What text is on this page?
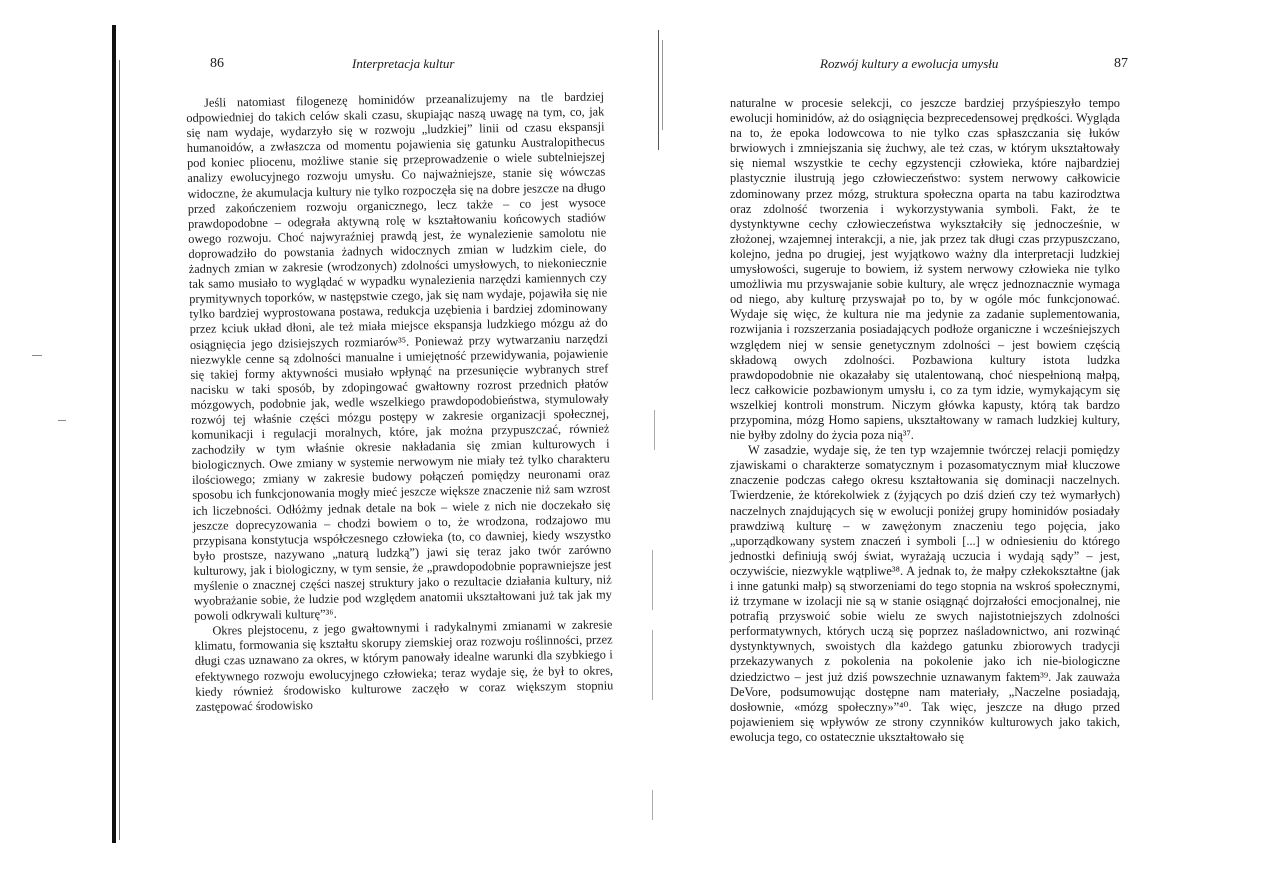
86	Interpretacja kultur

Jeśli natomiast filogenezę hominidów przeanalizujemy na tle bardziej odpowiedniej do takich celów skali czasu, skupiając naszą uwagę na tym, co, jak się nam wydaje, wydarzyło się w rozwoju „ludzkiej” linii od czasu ekspansji humanoidów, a zwłaszcza od momentu pojawienia się gatunku Australopithecus pod koniec pliocenu, możliwe stanie się przeprowadzenie o wiele subtelniejszej analizy ewolucyjnego rozwoju umysłu. Co najważniejsze, stanie się wówczas widoczne, że akumulacja kultury nie tylko rozpoczęła się na dobre jeszcze na długo przed zakończeniem rozwoju organicznego, lecz także – co jest wysoce prawdopodobne – odegrała aktywną rolę w kształtowaniu końcowych stadiów owego rozwoju. Choć najwyraźniej prawdą jest, że wynalezienie samolotu nie doprowadziło do powstania żadnych widocznych zmian w ludzkim ciele, do żadnych zmian w zakresie (wrodzonych) zdolności umysłowych, to niekoniecznie tak samo musiało to wyglądać w wypadku wynalezienia narzędzi kamiennych czy prymitywnych toporków, w następstwie czego, jak się nam wydaje, pojawiła się nie tylko bardziej wyprostowana postawa, redukcja uzębienia i bardziej zdominowany przez kciuk układ dłoni, ale też miała miejsce ekspansja ludzkiego mózgu aż do osiągnięcia jego dzisiejszych rozmiarów³⁵. Ponieważ przy wytwarzaniu narzędzi niezwykle cenne są zdolności manualne i umiejętność przewidywania, pojawienie się takiej formy aktywności musiało wpłynąć na przesunięcie wybranych stref nacisku w taki sposób, by zdopingować gwałtowny rozrost przednich płatów mózgowych, podobnie jak, wedle wszelkiego prawdopodobieństwa, stymulowały rozwój tej właśnie części mózgu postępy w zakresie organizacji społecznej, komunikacji i regulacji moralnych, które, jak można przypuszczać, również zachodziły w tym właśnie okresie nakładania się zmian kulturowych i biologicznych. Owe zmiany w systemie nerwowym nie miały też tylko charakteru ilościowego; zmiany w zakresie budowy połączeń pomiędzy neuronami oraz sposobu ich funkcjonowania mogły mieć jeszcze większe znaczenie niż sam wzrost ich liczebności. Odłóżmy jednak detale na bok – wiele z nich nie doczekało się jeszcze doprecyzowania – chodzi bowiem o to, że wrodzona, rodzajowo mu przypisana konstytucja współczesnego człowieka (to, co dawniej, kiedy wszystko było prostsze, nazywano „naturą ludzką”) jawi się teraz jako twór zarówno kulturowy, jak i biologiczny, w tym sensie, że „prawdopodobnie poprawniejsze jest myślenie o znacznej części naszej struktury jako o rezultacie działania kultury, niż wyobrażanie sobie, że ludzie pod względem anatomii ukształtowani już tak jak my powoli odkrywali kulturę”³⁶.

Okres plejstocenu, z jego gwałtownymi i radykalnymi zmianami w zakresie klimatu, formowania się kształtu skorupy ziemskiej oraz rozwoju roślinności, przez długi czas uznawano za okres, w którym panowały idealne warunki dla szybkiego i efektywnego rozwoju ewolucyjnego człowieka; teraz wydaje się, że był to okres, kiedy również środowisko kulturowe zaczęło w coraz większym stopniu zastępować środowisko

Rozwój kultury a ewolucja umysłu	87

naturalne w procesie selekcji, co jeszcze bardziej przyśpieszyło tempo ewolucji hominidów, aż do osiągnięcia bezprecedensowej prędkości. Wygląda na to, że epoka lodowcowa to nie tylko czas spłaszczania się łuków brwiowych i zmniejszania się żuchwy, ale też czas, w którym ukształtowały się niemal wszystkie te cechy egzystencji człowieka, które najbardziej plastycznie ilustrują jego człowieczeństwo: system nerwowy całkowicie zdominowany przez mózg, struktura społeczna oparta na tabu kazirodztwa oraz zdolność tworzenia i wykorzystywania symboli. Fakt, że te dystynktywne cechy człowieczeństwa wykształciły się jednocześnie, w złożonej, wzajemnej interakcji, a nie, jak przez tak długi czas przypuszczano, kolejno, jedna po drugiej, jest wyjątkowo ważny dla interpretacji ludzkiej umysłowości, sugeruje to bowiem, iż system nerwowy człowieka nie tylko umożliwia mu przyswajanie sobie kultury, ale wręcz jednoznacznie wymaga od niego, aby kulturę przyswajał po to, by w ogóle móc funkcjonować. Wydaje się więc, że kultura nie ma jedynie za zadanie suplementowania, rozwijania i rozszerzania posiadających podłoże organiczne i wcześniejszych względem niej w sensie genetycznym zdolności – jest bowiem częścią składową owych zdolności. Pozbawiona kultury istota ludzka prawdopodobnie nie okazałaby się utalentowaną, choć niespełnioną małpą, lecz całkowicie pozbawionym umysłu i, co za tym idzie, wymykającym się wszelkiej kontroli monstrum. Niczym główka kapusty, którą tak bardzo przypomina, mózg Homo sapiens, ukształtowany w ramach ludzkiej kultury, nie byłby zdolny do życia poza nią³⁷.

W zasadzie, wydaje się, że ten typ wzajemnie twórczej relacji pomiędzy zjawiskami o charakterze somatycznym i pozasomatycznym miał kluczowe znaczenie podczas całego okresu kształtowania się dominacji naczelnych. Twierdzenie, że którekolwiek z (żyjących po dziś dzień czy też wymarłych) naczelnych znajdujących się w ewolucji poniżej grupy hominidów posiadały prawdziwą kulturę – w zawężonym znaczeniu tego pojęcia, jako „uporządkowany system znaczeń i symboli [...] w odniesieniu do którego jednostki definiują swój świat, wyrażają uczucia i wydają sądy” – jest, oczywiście, niezwykle wątpliwe³⁸. A jednak to, że małpy człekokształtne (jak i inne gatunki małp) są stworzeniami do tego stopnia na wskroś społecznymi, iż trzymane w izolacji nie są w stanie osiągnąć dojrzałości emocjonalnej, nie potrafią przyswoić sobie wielu ze swych najistotniejszych zdolności performatywnych, których uczą się poprzez naśladownictwo, ani rozwinąć dystynktywnych, swoistych dla każdego gatunku zbiorowych tradycji przekazywanych z pokolenia na pokolenie jako ich nie-biologiczne dziedzictwo – jest już dziś powszechnie uznawanym faktem³⁹. Jak zauważa DeVore, podsumowując dostępne nam materiały, „Naczelne posiadają, dosłownie, «mózg społeczny»”⁴⁰. Tak więc, jeszcze na długo przed pojawieniem się wpływów ze strony czynników kulturowych jako takich, ewolucja tego, co ostatecznie ukształtowało się
